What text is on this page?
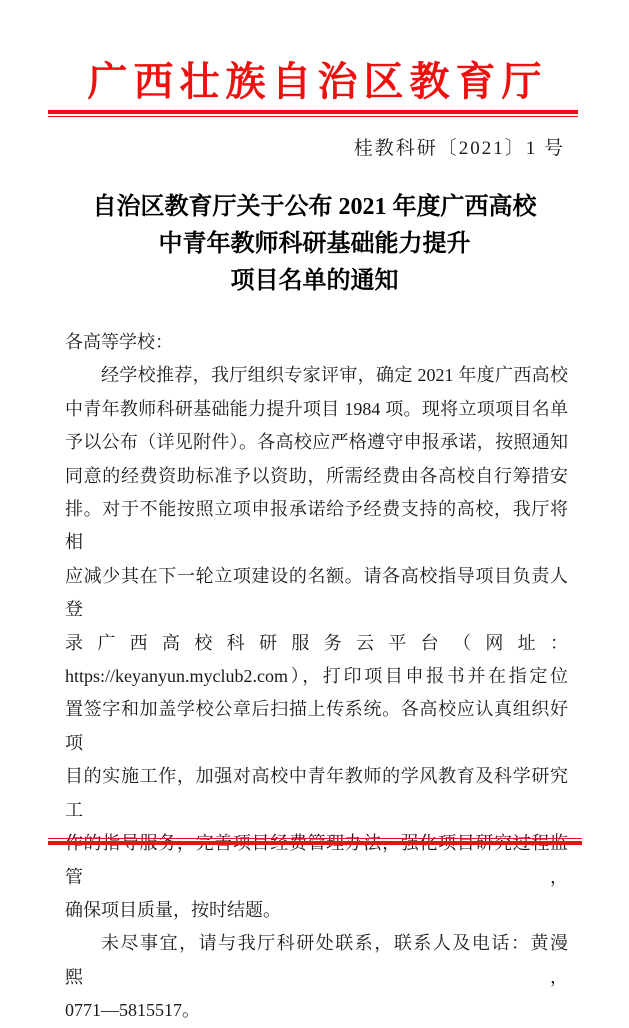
广西壮族自治区教育厅
桂教科研〔2021〕1 号
自治区教育厅关于公布 2021 年度广西高校
中青年教师科研基础能力提升
项目名单的通知
各高等学校：
经学校推荐，我厅组织专家评审，确定 2021 年度广西高校
中青年教师科研基础能力提升项目 1984 项。现将立项项目名单
予以公布（详见附件）。各高校应严格遵守申报承诺，按照通知
同意的经费资助标准予以资助，所需经费由各高校自行筹措安
排。对于不能按照立项申报承诺给予经费支持的高校，我厅将相
应减少其在下一轮立项建设的名额。请各高校指导项目负责人登
录广西高校科研服务云平台（网址：
https://keyanyun.myclub2.com），打印项目申报书并在指定位
置签字和加盖学校公章后扫描上传系统。各高校应认真组织好项
目的实施工作，加强对高校中青年教师的学风教育及科学研究工
作的指导服务，完善项目经费管理办法，强化项目研究过程监管，
确保项目质量，按时结题。
未尽事宜，请与我厅科研处联系，联系人及电话：黄漫熙，
0771—5815517。
